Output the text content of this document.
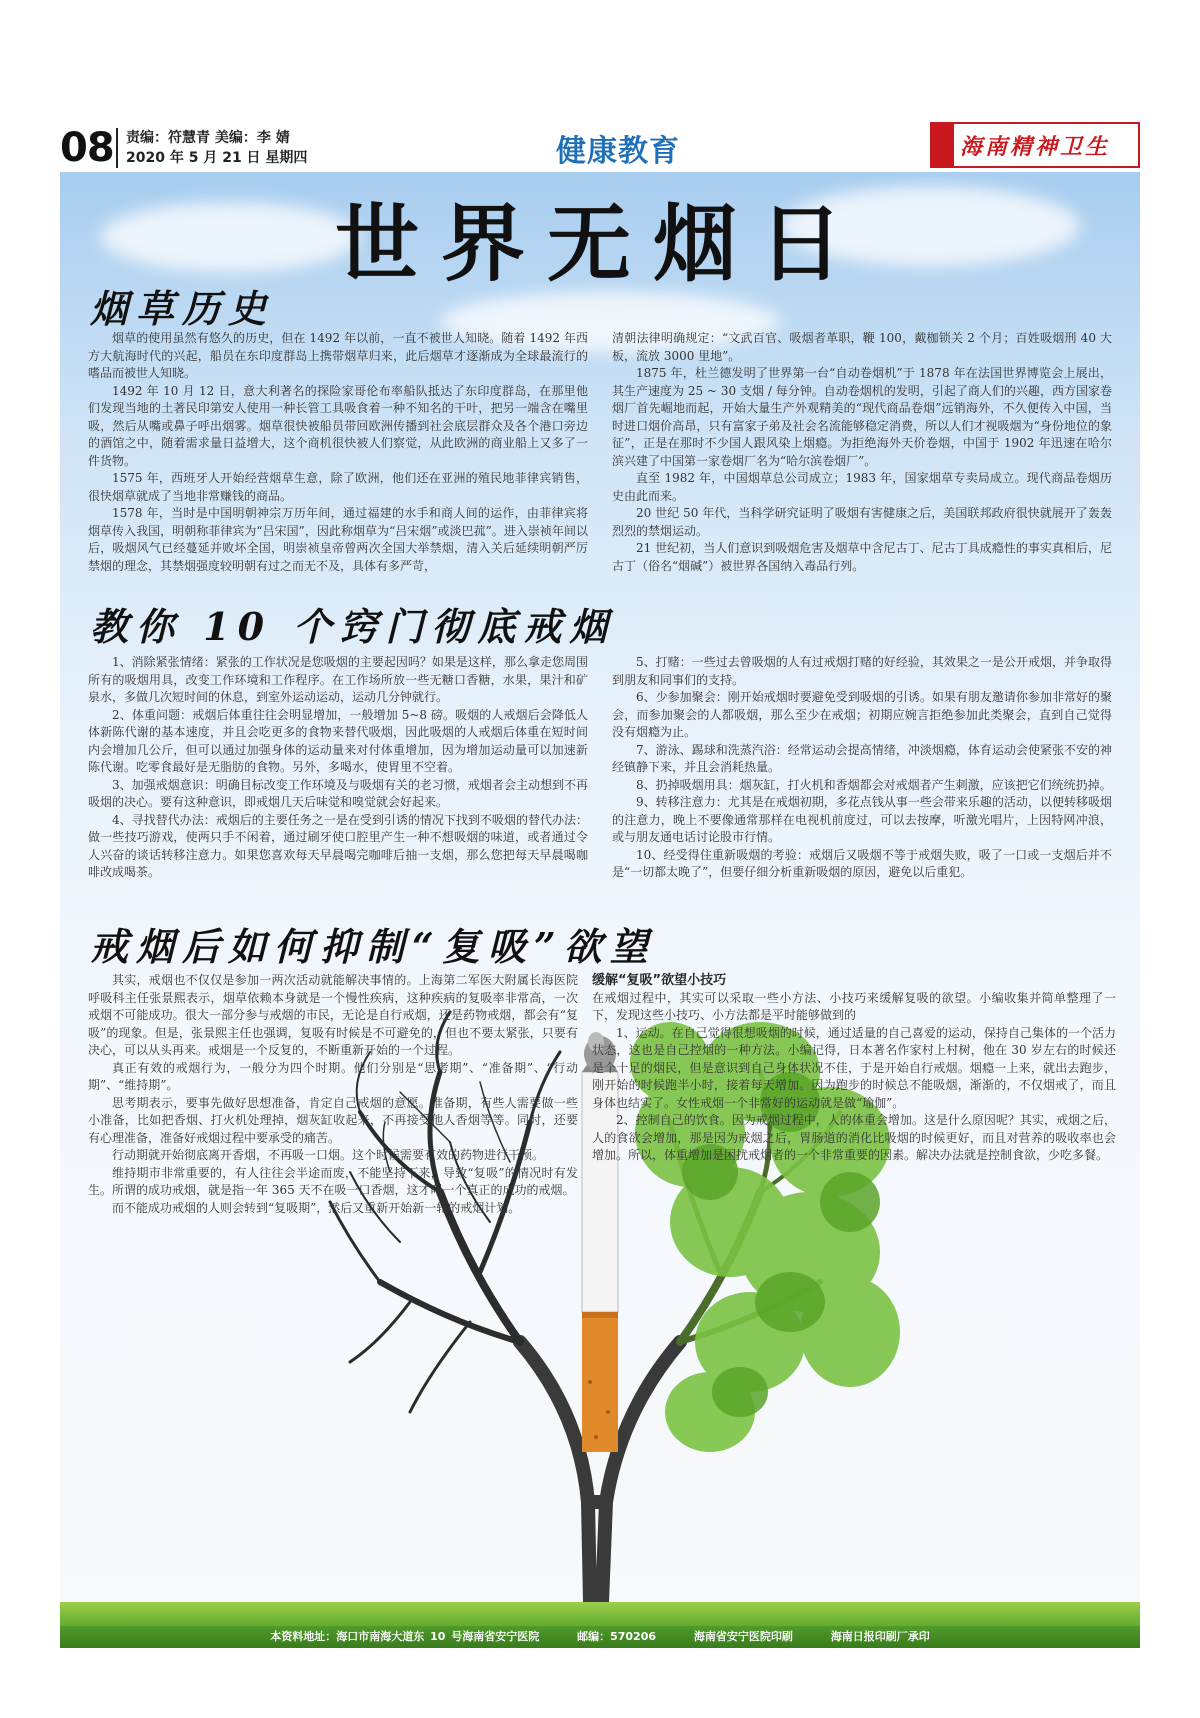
08 责编：符慧青 美编：李 婧
2020 年 5 月 21 日 星期四	健康教育	海南精神卫生
世界无烟日
烟草历史

烟草的使用虽然有悠久的历史，但在 1492 年以前，一直不被世人知晓。随着 1492 年西方大航海时代的兴起，船员在东印度群岛上携带烟草归来，此后烟草才逐渐成为全球最流行的嗜品而被世人知晓。

1492 年 10 月 12 日，意大利著名的探险家哥伦布率船队抵达了东印度群岛，在那里他们发现当地的土著民印第安人使用一种长管工具吸食着一种不知名的干叶，把另一端含在嘴里吸，然后从嘴或鼻子呼出烟雾。烟草很快被船员带回欧洲传播到社会底层群众及各个港口旁边的酒馆之中，随着需求量日益增大，这个商机很快被人们察觉，从此欧洲的商业船上又多了一件货物。

1575 年，西班牙人开始经营烟草生意，除了欧洲，他们还在亚洲的殖民地菲律宾销售，很快烟草就成了当地非常赚钱的商品。

1578 年，当时是中国明朝神宗万历年间，通过福建的水手和商人间的运作，由菲律宾将烟草传入我国，明朝称菲律宾为“吕宋国”，因此称烟草为“吕宋烟”或淡巴菰”。进入崇祯年间以后，吸烟风气已经蔓延并败坏全国，明崇祯皇帝曾两次全国大举禁烟，清入关后延续明朝严厉禁烟的理念，其禁烟强度较明朝有过之而无不及，具体有多严苛，

清朝法律明确规定：“文武百官、吸烟者革职，鞭 100，戴枷锁关 2 个月；百姓吸烟刑 40 大板，流放 3000 里地”。

1875 年，杜兰德发明了世界第一台“自动卷烟机”于 1878 年在法国世界博览会上展出，其生产速度为 25 ~ 30 支烟 / 每分钟。自动卷烟机的发明，引起了商人们的兴趣，西方国家卷烟厂首先崛地而起，开始大量生产外观精美的“现代商品卷烟”远销海外，不久便传入中国，当时进口烟价高昂，只有富家子弟及社会名流能够稳定消费，所以人们才视吸烟为“身份地位的象征”，正是在那时不少国人跟风染上烟瘾。为拒绝海外天价卷烟，中国于 1902 年迅速在哈尔滨兴建了中国第一家卷烟厂名为“哈尔滨卷烟厂”。

直至 1982 年，中国烟草总公司成立；1983 年，国家烟草专卖局成立。现代商品卷烟历史由此而来。

20 世纪 50 年代，当科学研究证明了吸烟有害健康之后，美国联邦政府很快就展开了轰轰烈烈的禁烟运动。

21 世纪初，当人们意识到吸烟危害及烟草中含尼古丁、尼古丁具成瘾性的事实真相后，尼古丁（俗名“烟碱”）被世界各国纳入毒品行列。

教你 10 个窍门彻底戒烟

1、消除紧张情绪：紧张的工作状况是您吸烟的主要起因吗？如果是这样，那么拿走您周围所有的吸烟用具，改变工作环境和工作程序。在工作场所放一些无糖口香糖，水果，果汁和矿泉水，多做几次短时间的休息，到室外运动运动，运动几分钟就行。

2、体重问题：戒烟后体重往往会明显增加，一般增加 5~8 磅。吸烟的人戒烟后会降低人体新陈代谢的基本速度，并且会吃更多的食物来替代吸烟，因此吸烟的人戒烟后体重在短时间内会增加几公斤，但可以通过加强身体的运动量来对付体重增加，因为增加运动量可以加速新陈代谢。吃零食最好是无脂肪的食物。另外，多喝水，使胃里不空着。

3、加强戒烟意识：明确目标改变工作环境及与吸烟有关的老习惯，戒烟者会主动想到不再吸烟的决心。要有这种意识，即戒烟几天后味觉和嗅觉就会好起来。

4、寻找替代办法：戒烟后的主要任务之一是在受到引诱的情况下找到不吸烟的替代办法：做一些技巧游戏，使两只手不闲着，通过刷牙使口腔里产生一种不想吸烟的味道，或者通过令人兴奋的谈话转移注意力。如果您喜欢每天早晨喝完咖啡后抽一支烟，那么您把每天早晨喝咖啡改成喝茶。

5、打赌：一些过去曾吸烟的人有过戒烟打赌的好经验，其效果之一是公开戒烟，并争取得到朋友和同事们的支持。

6、少参加聚会：刚开始戒烟时要避免受到吸烟的引诱。如果有朋友邀请你参加非常好的聚会，而参加聚会的人都吸烟，那么至少在戒烟；初期应婉言拒绝参加此类聚会，直到自己觉得没有烟瘾为止。

7、游泳、踢球和洗蒸汽浴：经常运动会提高情绪，冲淡烟瘾，体育运动会使紧张不安的神经镇静下来，并且会消耗热量。

8、扔掉吸烟用具：烟灰缸，打火机和香烟都会对戒烟者产生刺激，应该把它们统统扔掉。

9、转移注意力：尤其是在戒烟初期，多花点钱从事一些会带来乐趣的活动，以便转移吸烟的注意力，晚上不要像通常那样在电视机前度过，可以去按摩，听激光唱片，上因特网冲浪，或与朋友通电话讨论股市行情。

10、经受得住重新吸烟的考验：戒烟后又吸烟不等于戒烟失败，吸了一口或一支烟后并不是“一切都太晚了”，但要仔细分析重新吸烟的原因，避免以后重犯。

戒烟后如何抑制“复吸”欲望

其实，戒烟也不仅仅是参加一两次活动就能解决事情的。上海第二军医大附属长海医院呼吸科主任张景熙表示，烟草依赖本身就是一个慢性疾病，这种疾病的复吸率非常高，一次戒烟不可能成功。很大一部分参与戒烟的市民，无论是自行戒烟，还是药物戒烟，都会有“复吸”的现象。但是，张景熙主任也强调，复吸有时候是不可避免的，但也不要太紧张，只要有决心，可以从头再来。戒烟是一个反复的，不断重新开始的一个过程。

真正有效的戒烟行为，一般分为四个时期。他们分别是“思考期”、“准备期”、“行动期”、“维持期”。

思考期表示，要事先做好思想准备，肯定自己戒烟的意愿。准备期，有些人需要做一些小准备，比如把香烟、打火机处理掉，烟灰缸收起来，不再接受他人香烟等等。同时，还要有心理准备，准备好戒烟过程中要承受的痛苦。

行动期就开始彻底离开香烟，不再吸一口烟。这个时候需要有效的药物进行干预。

维持期市非常重要的，有人往往会半途而废，不能坚持下来，导致“复吸”的情况时有发生。所谓的成功戒烟，就是指一年 365 天不在吸一口香烟，这才叫一个真正的成功的戒烟。

而不能成功戒烟的人则会转到“复吸期”，然后又重新开始新一轮的戒烟计划。

缓解“复吸”欲望小技巧

在戒烟过程中，其实可以采取一些小方法、小技巧来缓解复吸的欲望。小编收集并简单整理了一下，发现这些小技巧、小方法都是平时能够做到的

1、运动。在自己觉得很想吸烟的时候，通过适量的自己喜爱的运动，保持自己集体的一个活力状态，这也是自己控烟的一种方法。小编记得，日本著名作家村上村树，他在 30 岁左右的时候还是个十足的烟民，但是意识到自己身体状况不佳，于是开始自行戒烟。烟瘾一上来，就出去跑步，刚开始的时候跑半小时，接着每天增加。因为跑步的时候总不能吸烟，渐渐的，不仅烟戒了，而且身体也结实了。女性戒烟一个非常好的运动就是做“瑜伽”。

2、控制自己的饮食。因为戒烟过程中，人的体重会增加。这是什么原因呢？其实，戒烟之后，人的食欲会增加，那是因为戒烟之后，胃肠道的消化比吸烟的时候更好，而且对营养的吸收率也会增加。所以，体重增加是困扰戒烟者的一个非常重要的因素。解决办法就是控制食欲，少吃多餐。

本资料地址：海口市南海大道东 10 号海南省安宁医院	邮编：570206	海南省安宁医院印刷	海南日报印刷厂承印
